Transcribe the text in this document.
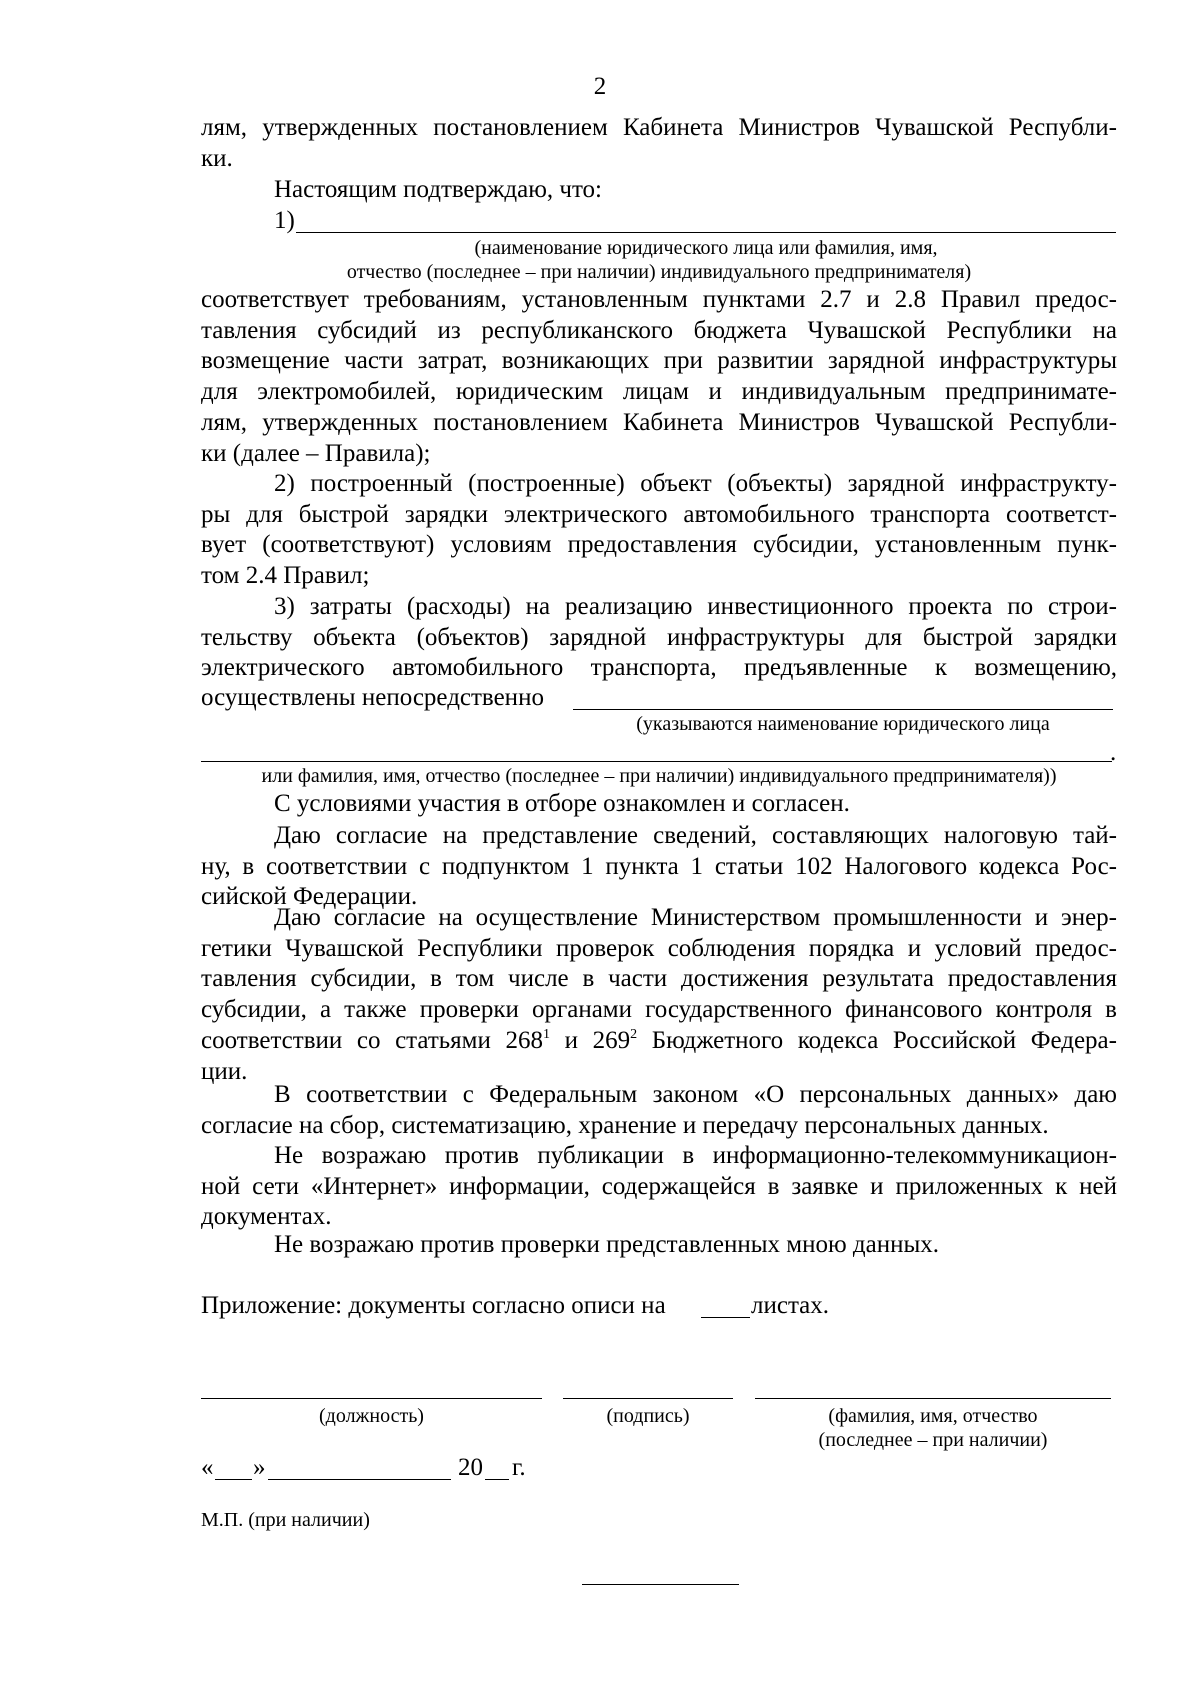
2

лям, утвержденных постановлением Кабинета Министров Чувашской Республи-

ки.

Настоящим подтверждаю, что:
1)
(наименование юридического лица или фамилия, имя,
отчество (последнее – при наличии) индивидуального предпринимателя)

соответствует требованиям, установленным пунктами 2.7 и 2.8 Правил предос-

тавления субсидий из республиканского бюджета Чувашской Республики на

возмещение части затрат, возникающих при развитии зарядной инфраструктуры

для электромобилей, юридическим лицам и индивидуальным предпринимате-

лям, утвержденных постановлением Кабинета Министров Чувашской Республи-

ки (далее – Правила);

2) построенный (построенные) объект (объекты) зарядной инфраструкту-

ры для быстрой зарядки электрического автомобильного транспорта соответст-

вует (соответствуют) условиям предоставления субсидии, установленным пунк-

том 2.4 Правил;

3) затраты (расходы) на реализацию инвестиционного проекта по строи-

тельству объекта (объектов) зарядной инфраструктуры для быстрой зарядки

электрического автомобильного транспорта, предъявленные к возмещению,

осуществлены непосредственно
(указываются наименование юридического лица
.
или фамилия, имя, отчество (последнее – при наличии) индивидуального предпринимателя))
С условиями участия в отборе ознакомлен и согласен.

Даю согласие на представление сведений, составляющих налоговую тай-

ну, в соответствии с подпунктом 1 пункта 1 статьи 102 Налогового кодекса Рос-

сийской Федерации.

Даю согласие на осуществление Министерством промышленности и энер-

гетики Чувашской Республики проверок соблюдения порядка и условий предос-

тавления субсидии, в том числе в части достижения результата предоставления

субсидии, а также проверки органами государственного финансового контроля в

соответствии со статьями $268^1$ и $269^2$ Бюджетного кодекса Российской Федера-

ции.

В соответствии с Федеральным законом «О персональных данных» даю

согласие на сбор, систематизацию, хранение и передачу персональных данных.

Не возражаю против публикации в информационно-телекоммуникацион-

ной сети «Интернет» информации, содержащейся в заявке и приложенных к ней

документах.

Не возражаю против проверки представленных мною данных.
Приложение: документы согласно описи на	листах.
(должность)	(подпись)	(фамилия, имя, отчество
(последнее – при наличии)
« »	20 г.
М.П. (при наличии)
